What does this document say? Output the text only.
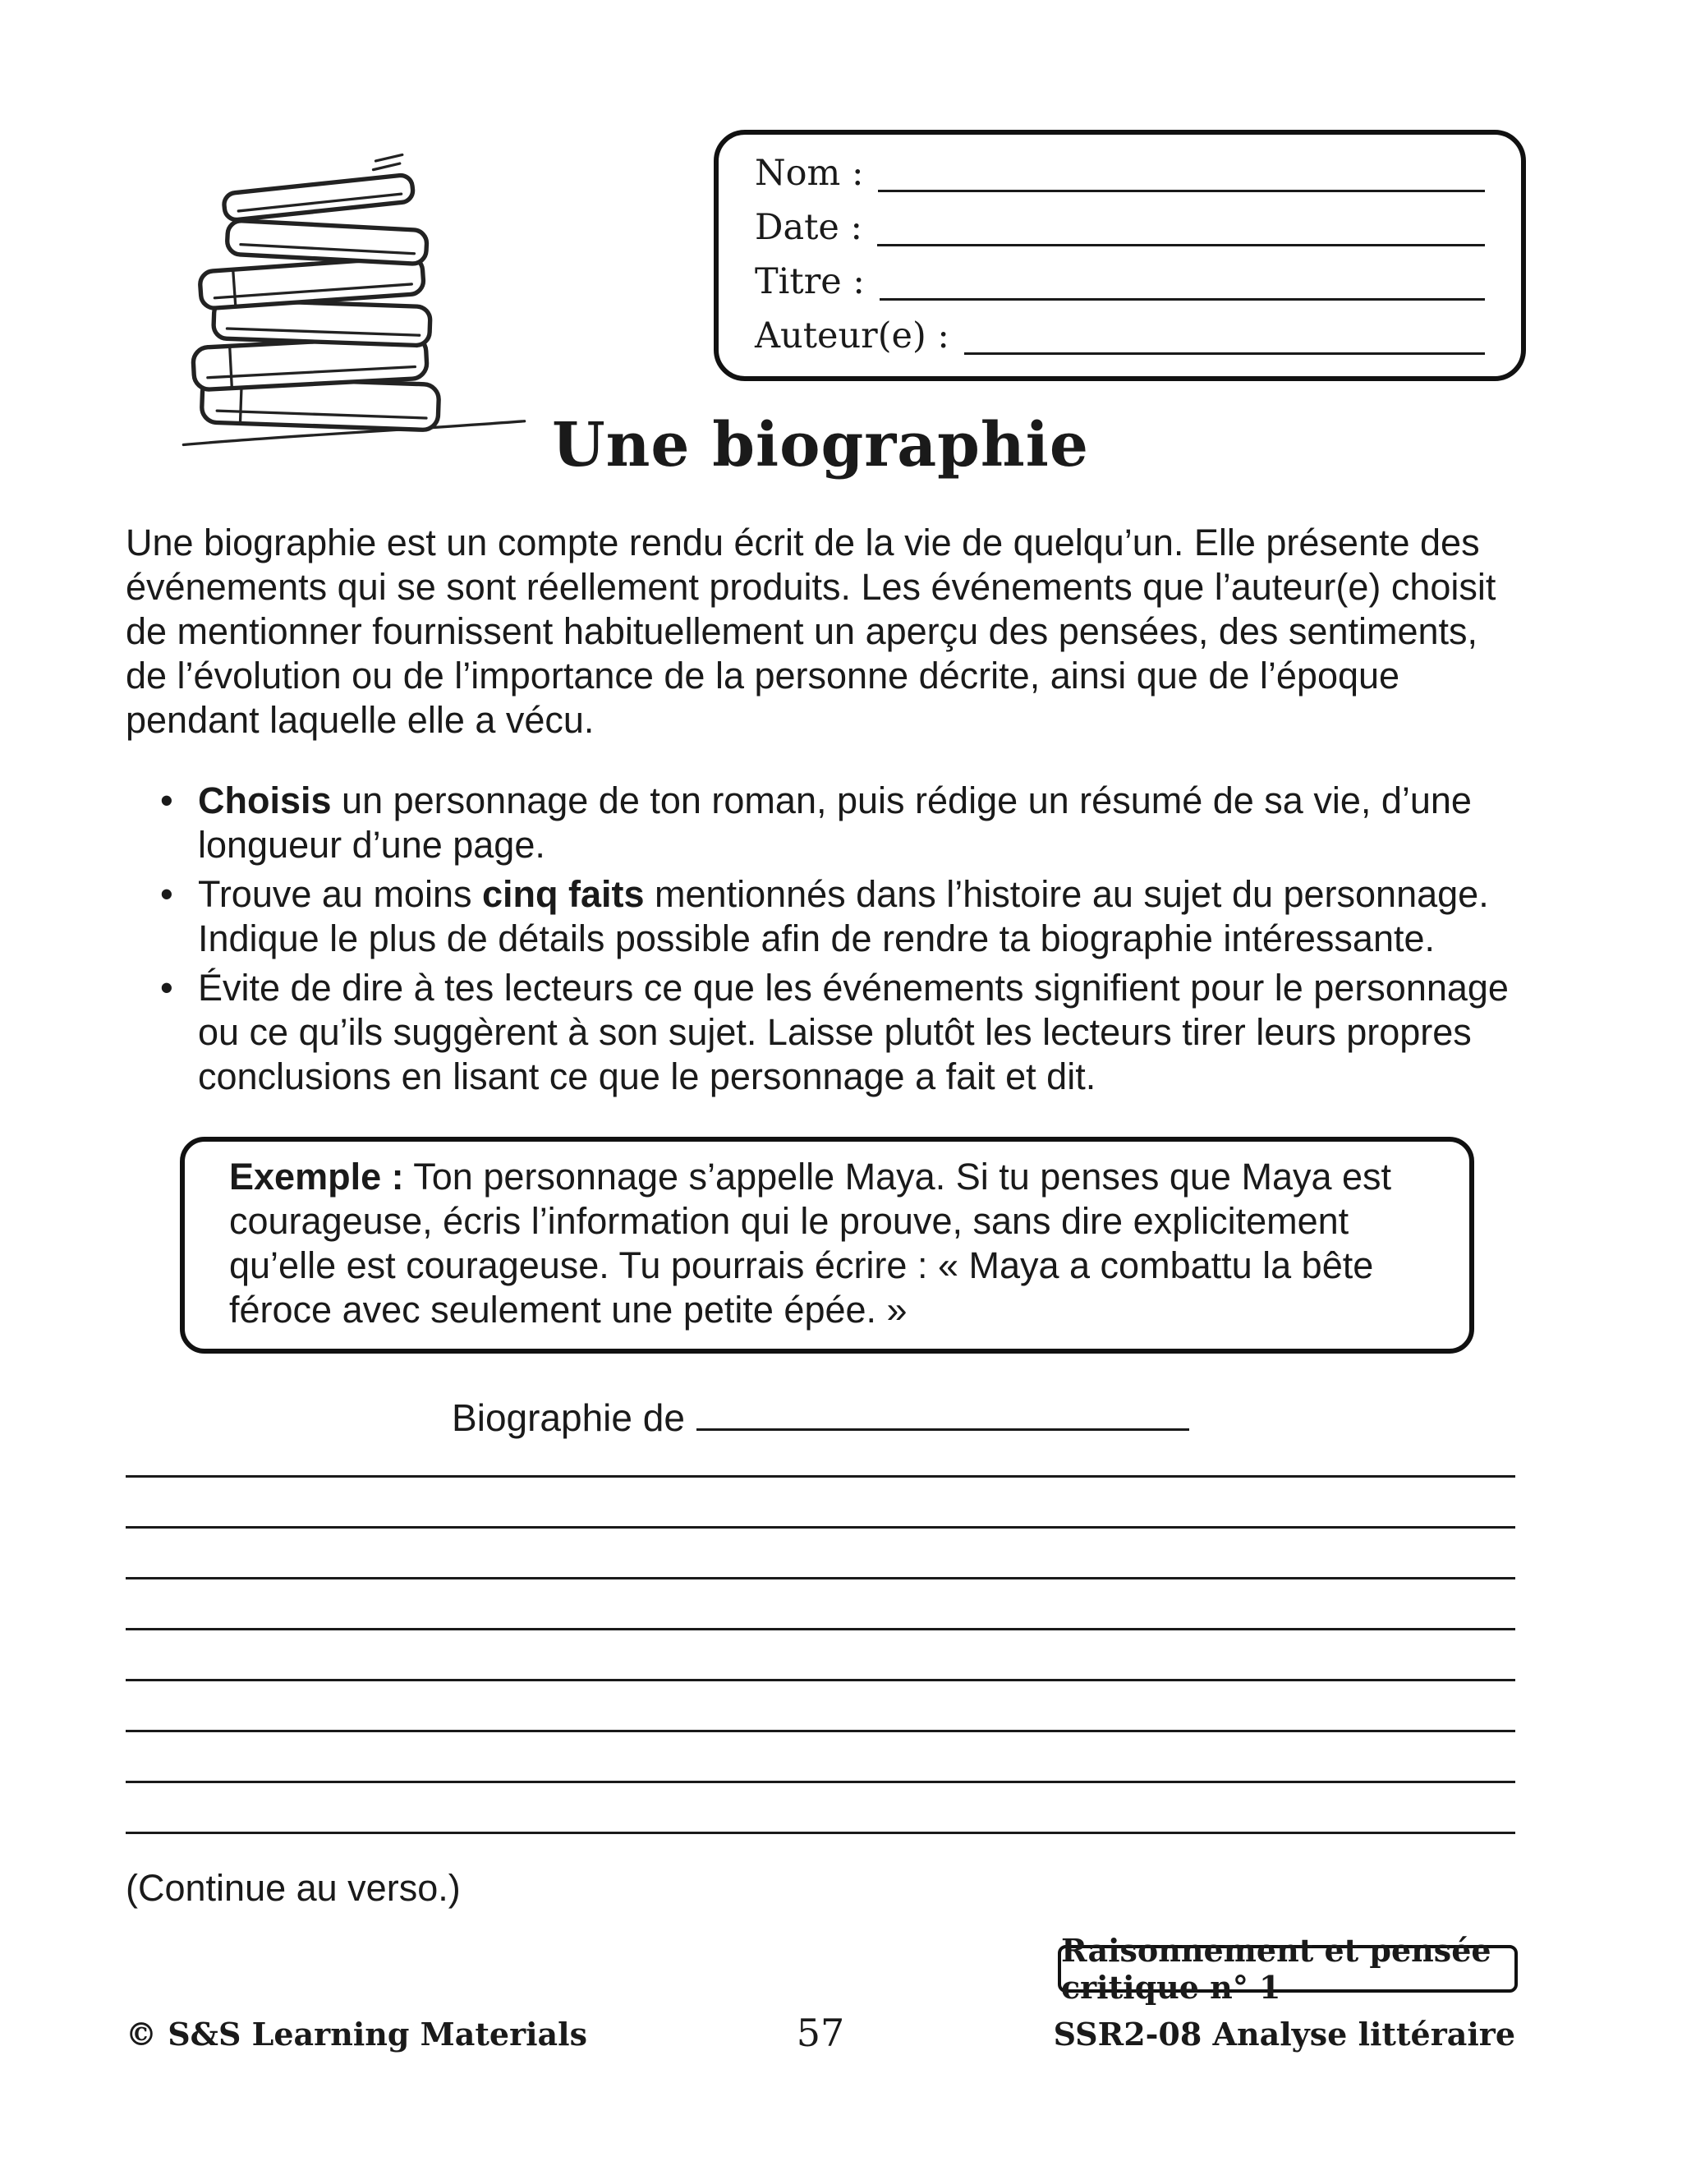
Nom :
Date :
Titre :
Auteur(e) :
Une biographie

Une biographie est un compte rendu écrit de la vie de quelqu’un. Elle présente des événements qui se sont réellement produits. Les événements que l’auteur(e) choisit de mentionner fournissent habituellement un aperçu des pensées, des sentiments, de l’évolution ou de l’importance de la personne décrite, ainsi que de l’époque pendant laquelle elle a vécu.

• Choisis un personnage de ton roman, puis rédige un résumé de sa vie, d’une longueur d’une page.
• Trouve au moins cinq faits mentionnés dans l’histoire au sujet du personnage. Indique le plus de détails possible afin de rendre ta biographie intéressante.
• Évite de dire à tes lecteurs ce que les événements signifient pour le personnage ou ce qu’ils suggèrent à son sujet. Laisse plutôt les lecteurs tirer leurs propres conclusions en lisant ce que le personnage a fait et dit.
Exemple : Ton personnage s’appelle Maya. Si tu penses que Maya est courageuse, écris l’information qui le prouve, sans dire explicitement qu’elle est courageuse. Tu pourrais écrire : « Maya a combattu la bête féroce avec seulement une petite épée. »
Biographie de
(Continue au verso.)
Raisonnement et pensée critique n° 1
© S&S Learning Materials	57	SSR2-08 Analyse littéraire
